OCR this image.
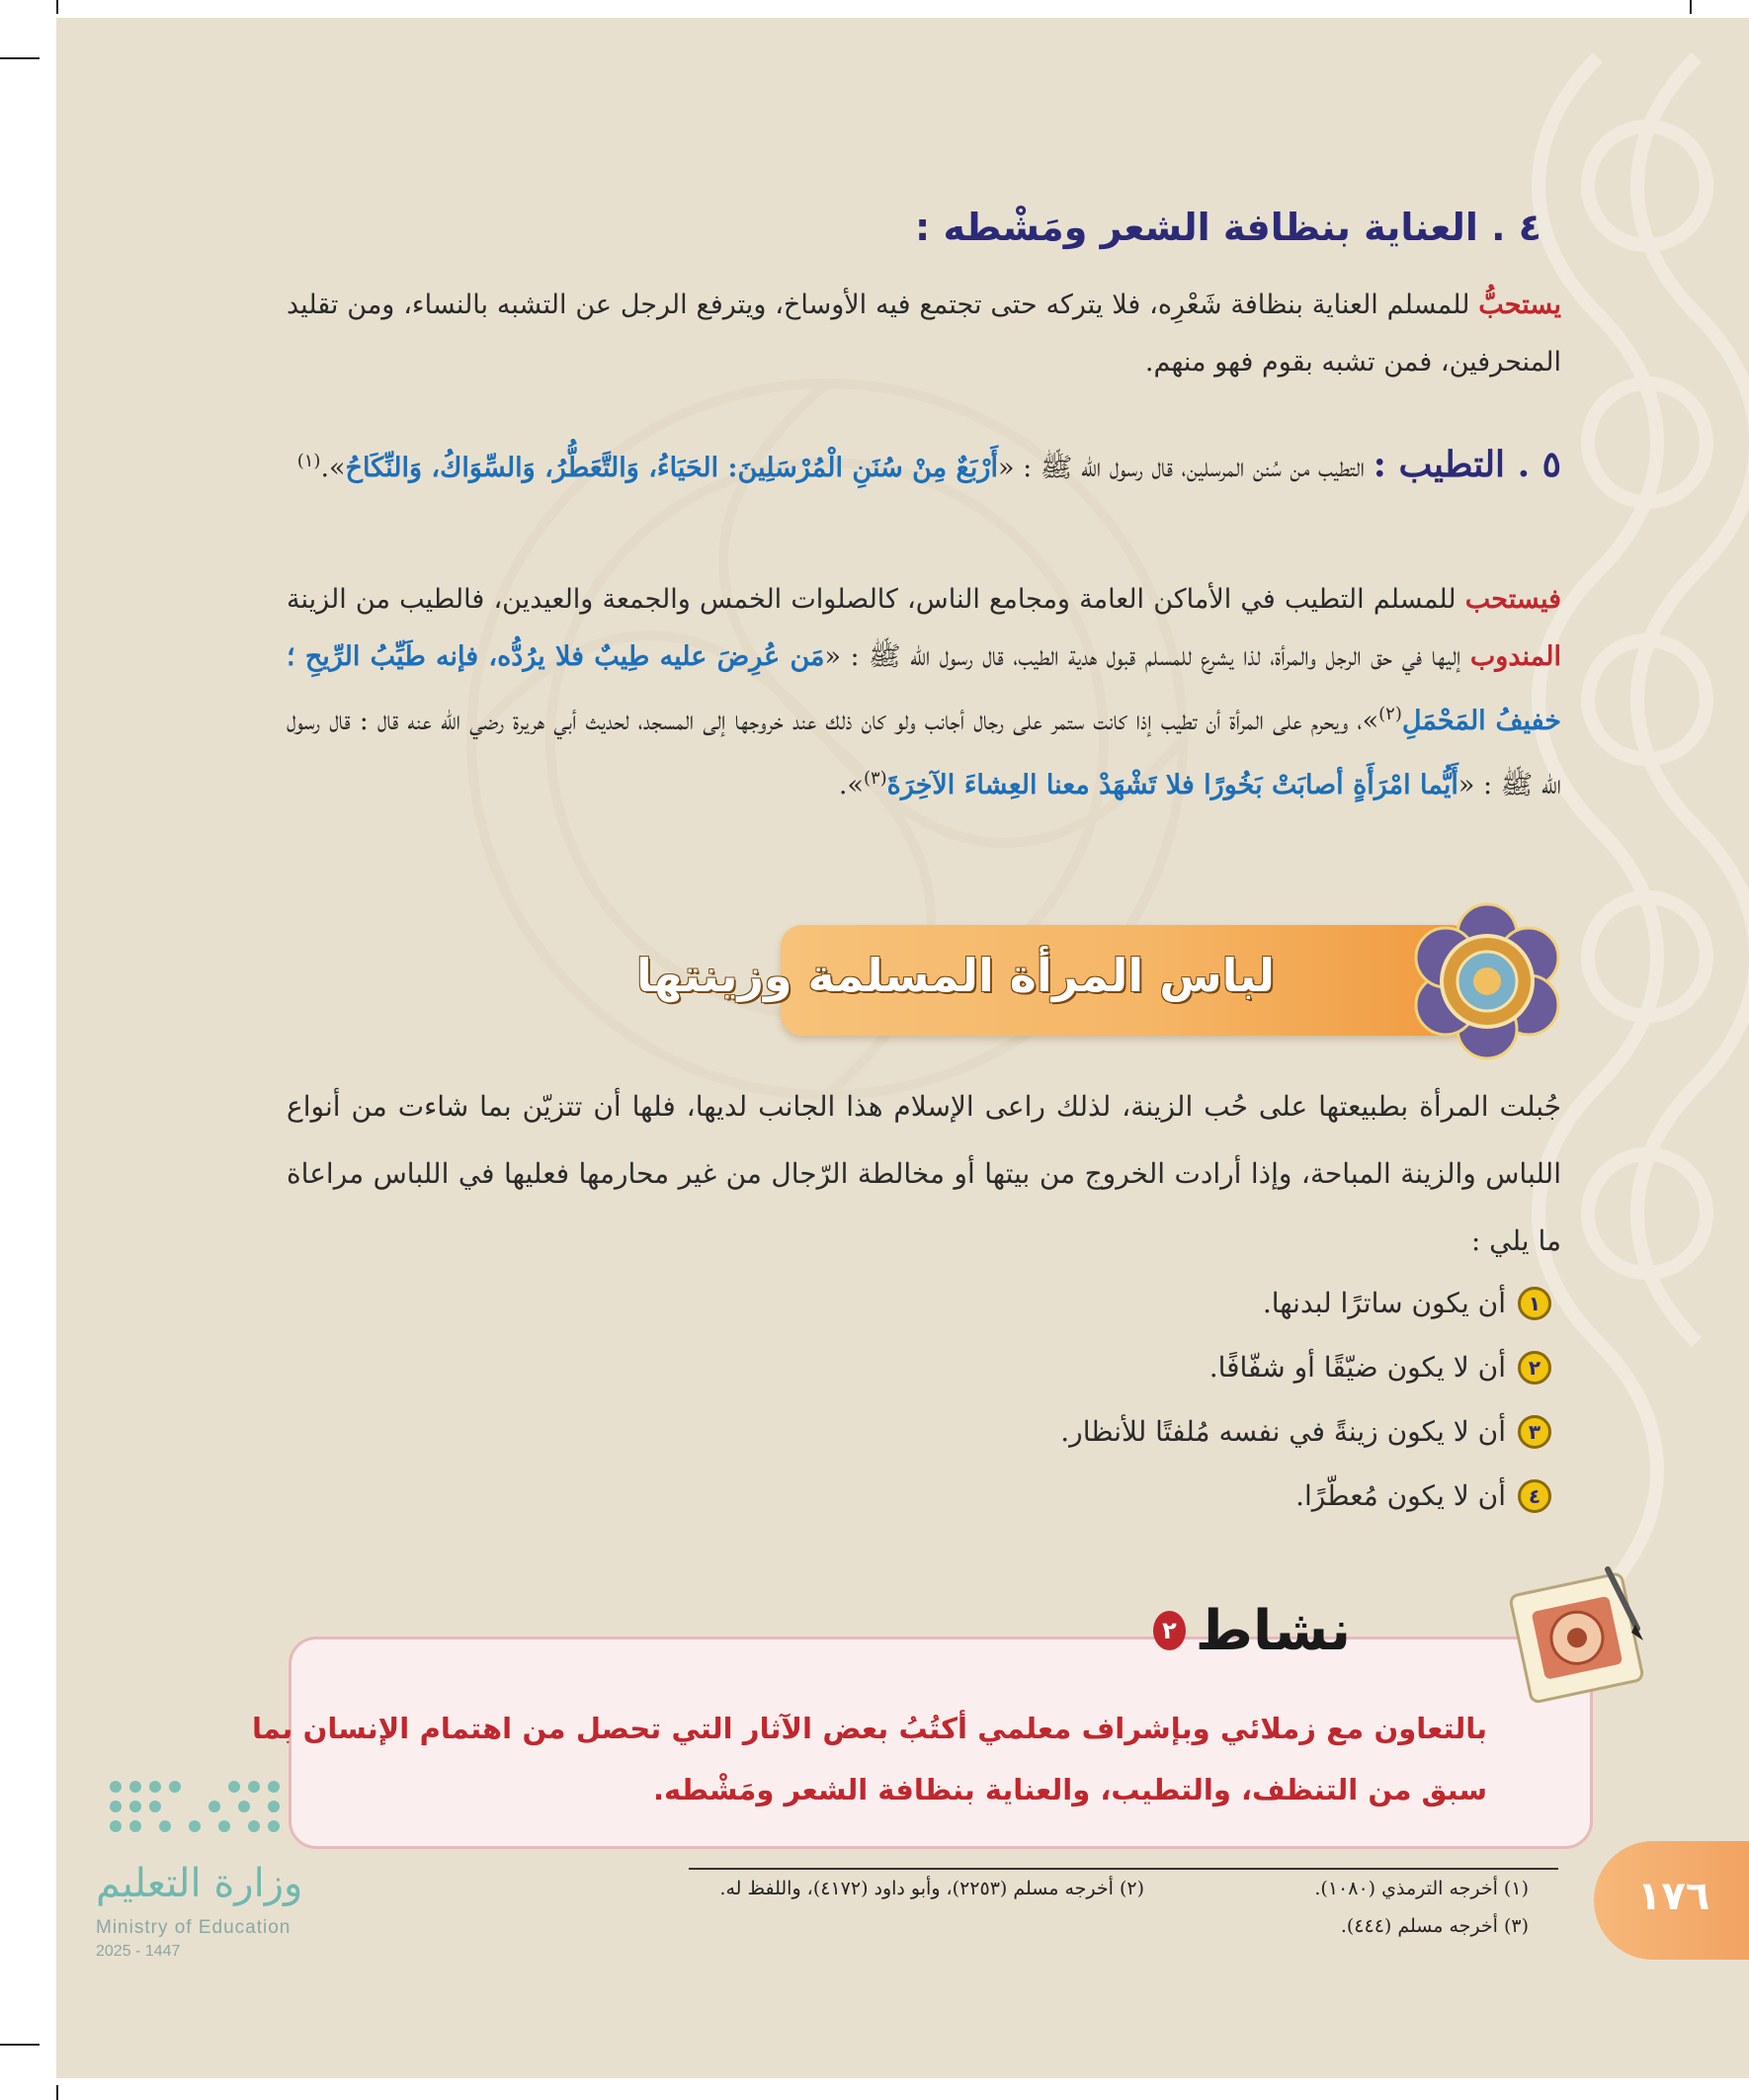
٤ . العناية بنظافة الشعر ومَشْطه :
يستحبُّ للمسلم العناية بنظافة شَعْرِه، فلا يتركه حتى تجتمع فيه الأوساخ، ويترفع الرجل عن التشبه بالنساء، ومن تقليد المنحرفين، فمن تشبه بقوم فهو منهم.
٥ . التطيب : التطيب من سُنن المرسلين، قال رسول الله ﷺ : «أَرْبَعٌ مِنْ سُنَنِ الْمُرْسَلِينَ: الحَيَاءُ، وَالتَّعَطُّرُ، وَالسِّوَاكُ، وَالنِّكَاحُ».$^{(١)}$
فيستحب للمسلم التطيب في الأماكن العامة ومجامع الناس، كالصلوات الخمس والجمعة والعيدين، فالطيب من الزينة المندوب إليها في حق الرجل والمرأة، لذا يشرع للمسلم قبول هدية الطيب، قال رسول الله ﷺ : «مَن عُرِضَ عليه طِيبٌ فلا يرُدُّه، فإنه طَيِّبُ الرِّيحِ ؛ خفيفُ المَحْمَلِ$^{(٢)}$»، ويحرم على المرأة أن تطيب إذا كانت ستمر على رجال أجانب ولو كان ذلك عند خروجها إلى المسجد، لحديث أبي هريرة رضي الله عنه قال : قال رسول الله ﷺ : «أَيُّما امْرَأَةٍ أصابَتْ بَخُورًا فلا تَشْهَدْ معنا العِشاءَ الآخِرَةَ$^{(٣)}$».
لباس المرأة المسلمة وزينتها
جُبلت المرأة بطبيعتها على حُب الزينة، لذلك راعى الإسلام هذا الجانب لديها، فلها أن تتزيّن بما شاءت من أنواع اللباس والزينة المباحة، وإذا أرادت الخروج من بيتها أو مخالطة الرّجال من غير محارمها فعليها في اللباس مراعاة ما يلي :
١
أن يكون ساترًا لبدنها.
٢
أن لا يكون ضيّقًا أو شفّافًا.
٣
أن لا يكون زينةً في نفسه مُلفتًا للأنظار.
٤
أن لا يكون مُعطّرًا.
نشاط
٢
بالتعاون مع زملائي وبإشراف معلمي أكتُبُ بعض الآثار التي تحصل من اهتمام الإنسان بما سبق من التنظف، والتطيب، والعناية بنظافة الشعر ومَشْطه.
(١) أخرجه الترمذي (١٠٨٠).
(٢) أخرجه مسلم (٢٢٥٣)، وأبو داود (٤١٧٢)، واللفظ له.
(٣) أخرجه مسلم (٤٤٤).
١٧٦
وزارة التعليم
Ministry of Education
2025 - 1447
